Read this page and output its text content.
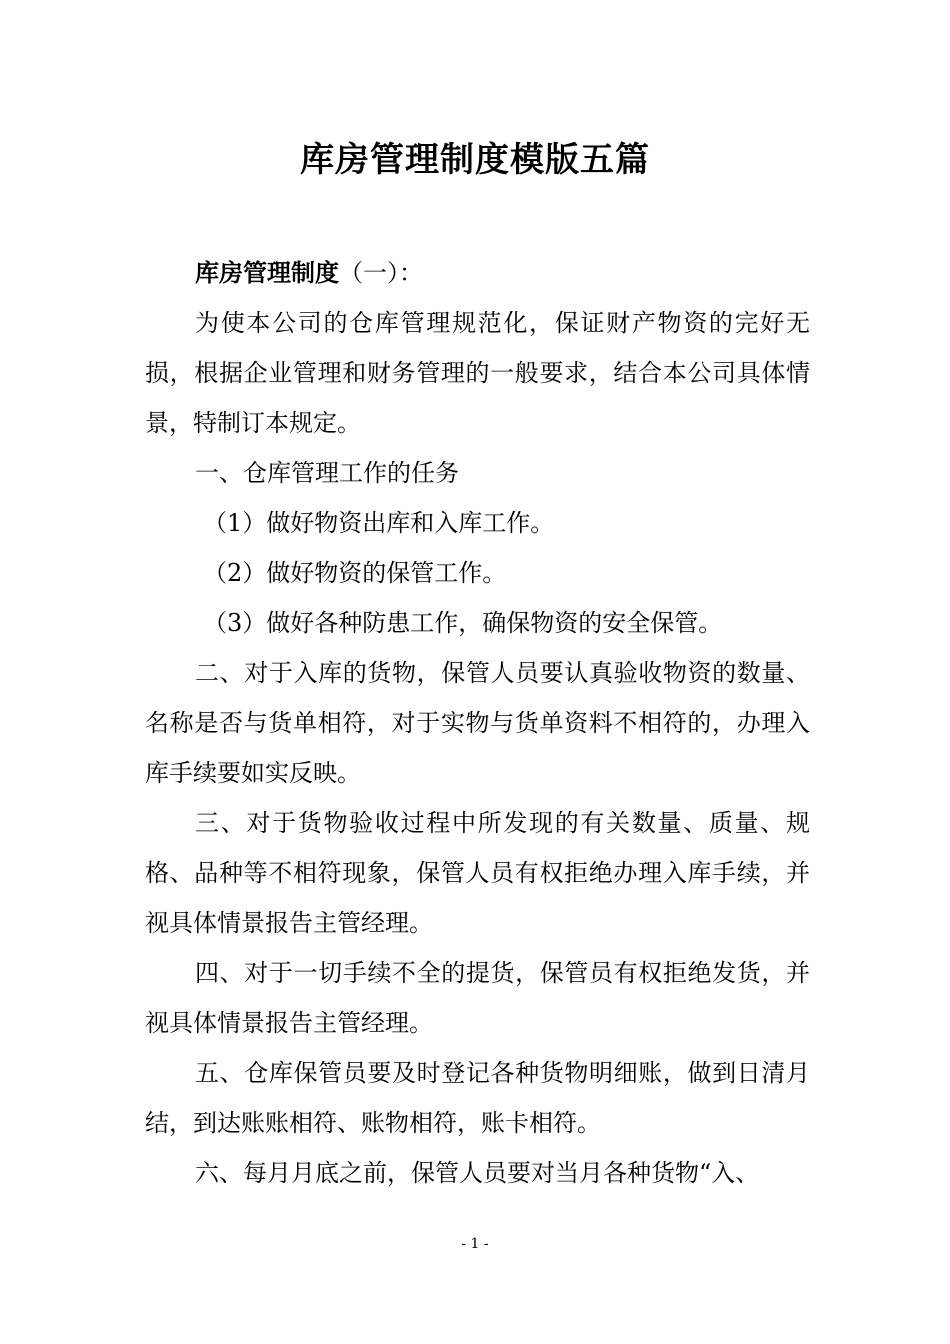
库房管理制度模版五篇

库房管理制度（一）：

为使本公司的仓库管理规范化，保证财产物资的完好无损，根据企业管理和财务管理的一般要求，结合本公司具体情景，特制订本规定。

一、仓库管理工作的任务

（1）做好物资出库和入库工作。

（2）做好物资的保管工作。

（3）做好各种防患工作，确保物资的安全保管。

二、对于入库的货物，保管人员要认真验收物资的数量、名称是否与货单相符，对于实物与货单资料不相符的，办理入库手续要如实反映。

三、对于货物验收过程中所发现的有关数量、质量、规格、品种等不相符现象，保管人员有权拒绝办理入库手续，并视具体情景报告主管经理。

四、对于一切手续不全的提货，保管员有权拒绝发货，并视具体情景报告主管经理。

五、仓库保管员要及时登记各种货物明细账，做到日清月结，到达账账相符、账物相符，账卡相符。

六、每月月底之前，保管人员要对当月各种货物“入、

- 1 -
